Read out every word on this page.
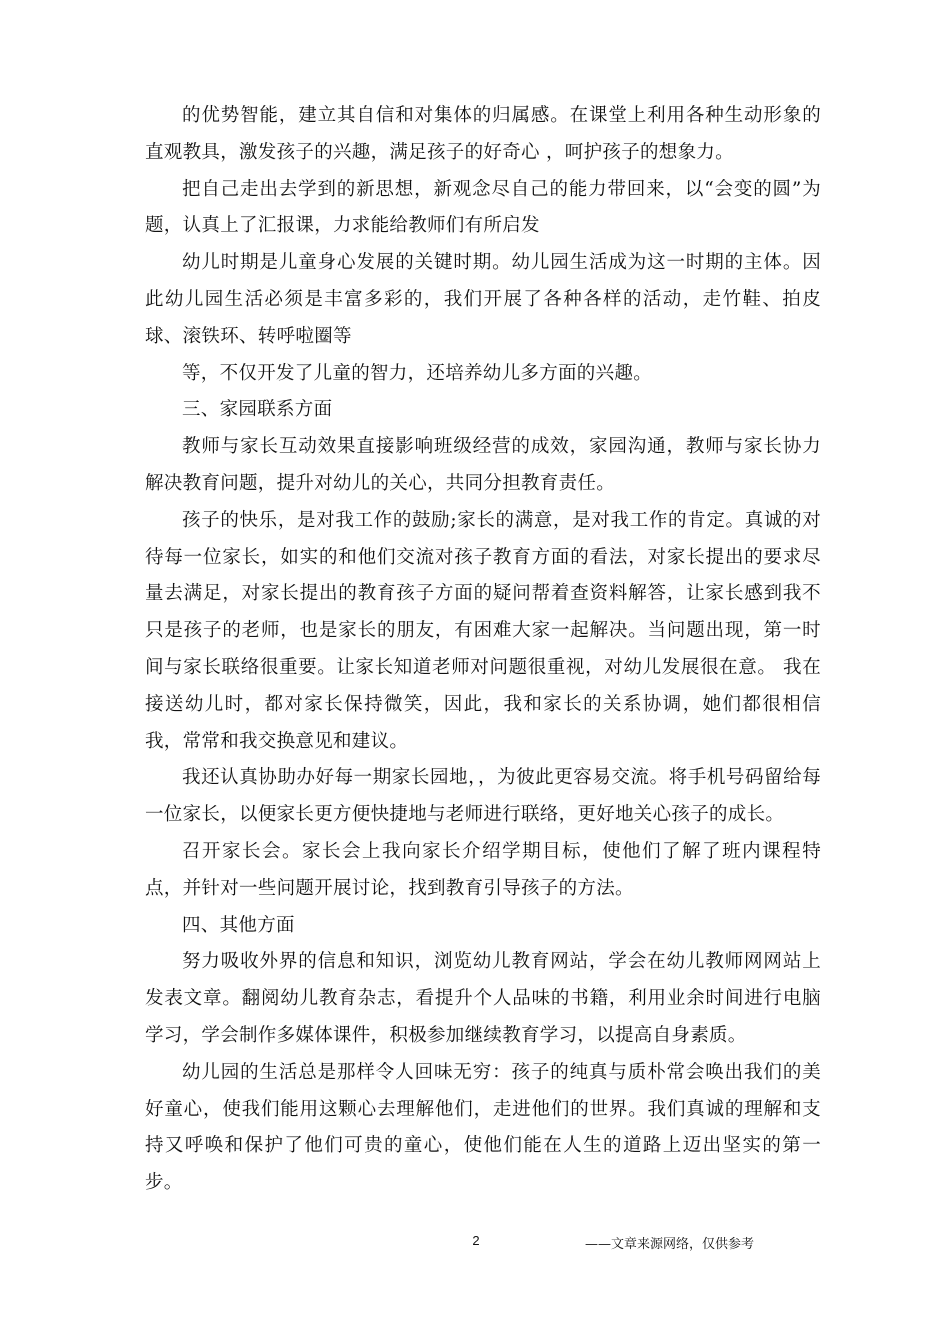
的优势智能，建立其自信和对集体的归属感。在课堂上利用各种生动形象的直观教具，激发孩子的兴趣，满足孩子的好奇心 ，呵护孩子的想象力。

把自己走出去学到的新思想，新观念尽自己的能力带回来，以“会变的圆”为题，认真上了汇报课，力求能给教师们有所启发

幼儿时期是儿童身心发展的关键时期。幼儿园生活成为这一时期的主体。因此幼儿园生活必须是丰富多彩的，我们开展了各种各样的活动，走竹鞋、拍皮球、滚铁环、转呼啦圈等

等，不仅开发了儿童的智力，还培养幼儿多方面的兴趣。

三、家园联系方面

教师与家长互动效果直接影响班级经营的成效，家园沟通，教师与家长协力解决教育问题，提升对幼儿的关心，共同分担教育责任。

孩子的快乐，是对我工作的鼓励;家长的满意，是对我工作的肯定。真诚的对待每一位家长，如实的和他们交流对孩子教育方面的看法，对家长提出的要求尽量去满足，对家长提出的教育孩子方面的疑问帮着查资料解答，让家长感到我不只是孩子的老师，也是家长的朋友，有困难大家一起解决。当问题出现，第一时间与家长联络很重要。让家长知道老师对问题很重视，对幼儿发展很在意。 我在接送幼儿时，都对家长保持微笑，因此，我和家长的关系协调，她们都很相信我，常常和我交换意见和建议。

我还认真协助办好每一期家长园地，，为彼此更容易交流。将手机号码留给每一位家长，以便家长更方便快捷地与老师进行联络，更好地关心孩子的成长。

召开家长会。家长会上我向家长介绍学期目标，使他们了解了班内课程特点，并针对一些问题开展讨论，找到教育引导孩子的方法。

四、其他方面

努力吸收外界的信息和知识，浏览幼儿教育网站，学会在幼儿教师网网站上发表文章。翻阅幼儿教育杂志，看提升个人品味的书籍，利用业余时间进行电脑学习，学会制作多媒体课件，积极参加继续教育学习，以提高自身素质。

幼儿园的生活总是那样令人回味无穷：孩子的纯真与质朴常会唤出我们的美好童心，使我们能用这颗心去理解他们，走进他们的世界。我们真诚的理解和支持又呼唤和保护了他们可贵的童心，使他们能在人生的道路上迈出坚实的第一步。

2	——文章来源网络，仅供参考
